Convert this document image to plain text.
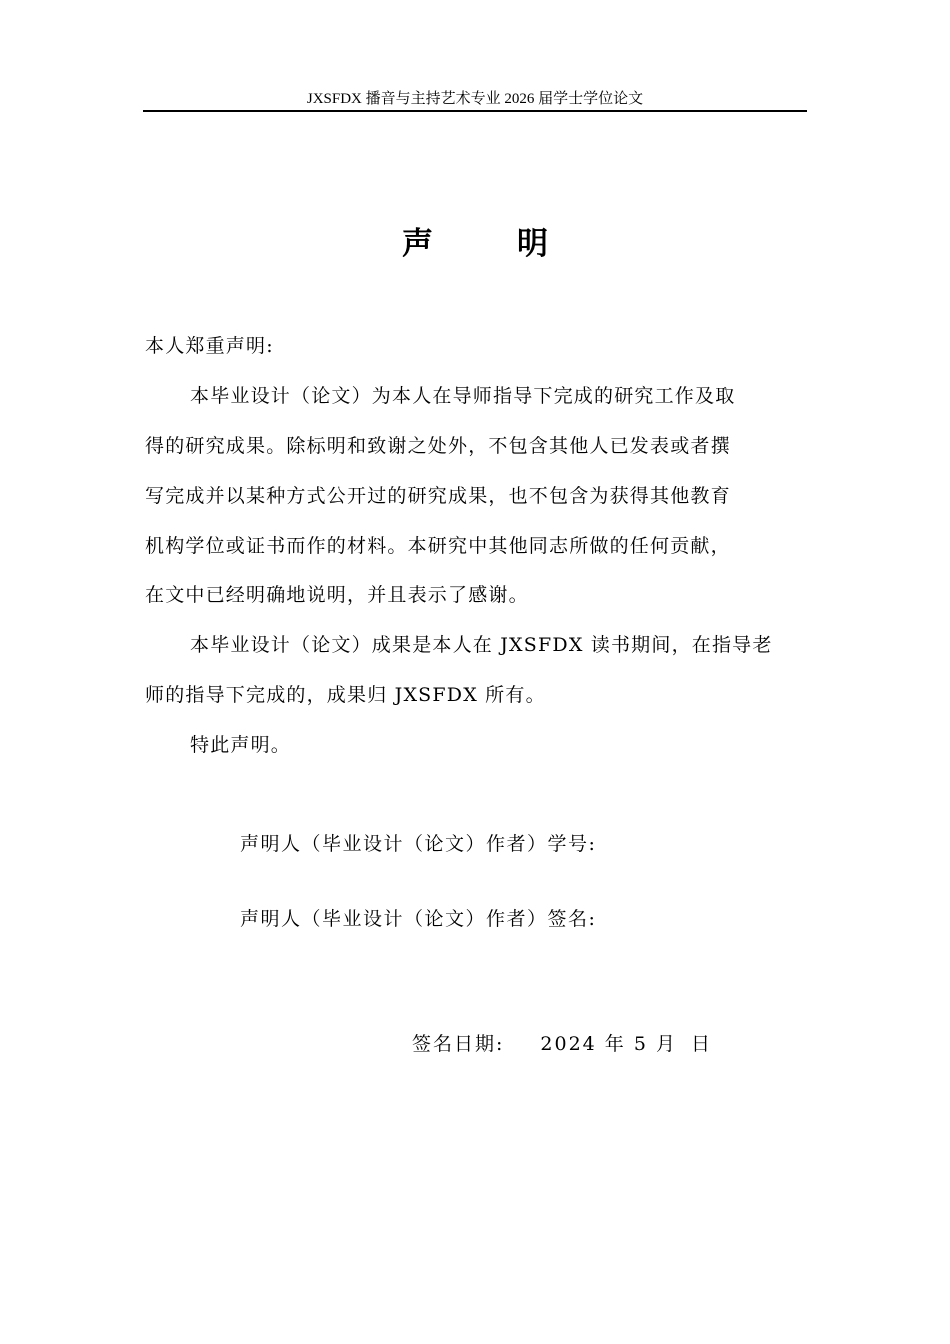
JXSFDX 播音与主持艺术专业 2026 届学士学位论文
声	明
本人郑重声明:
本毕业设计（论文）为本人在导师指导下完成的研究工作及取
得的研究成果。除标明和致谢之处外，不包含其他人已发表或者撰
写完成并以某种方式公开过的研究成果，也不包含为获得其他教育
机构学位或证书而作的材料。本研究中其他同志所做的任何贡献，
在文中已经明确地说明，并且表示了感谢。
本毕业设计（论文）成果是本人在 JXSFDX 读书期间，在指导老
师的指导下完成的，成果归 JXSFDX 所有。
特此声明。
声明人（毕业设计（论文）作者）学号:
声明人（毕业设计（论文）作者）签名:
签名日期: 2024 年 5 月 日
